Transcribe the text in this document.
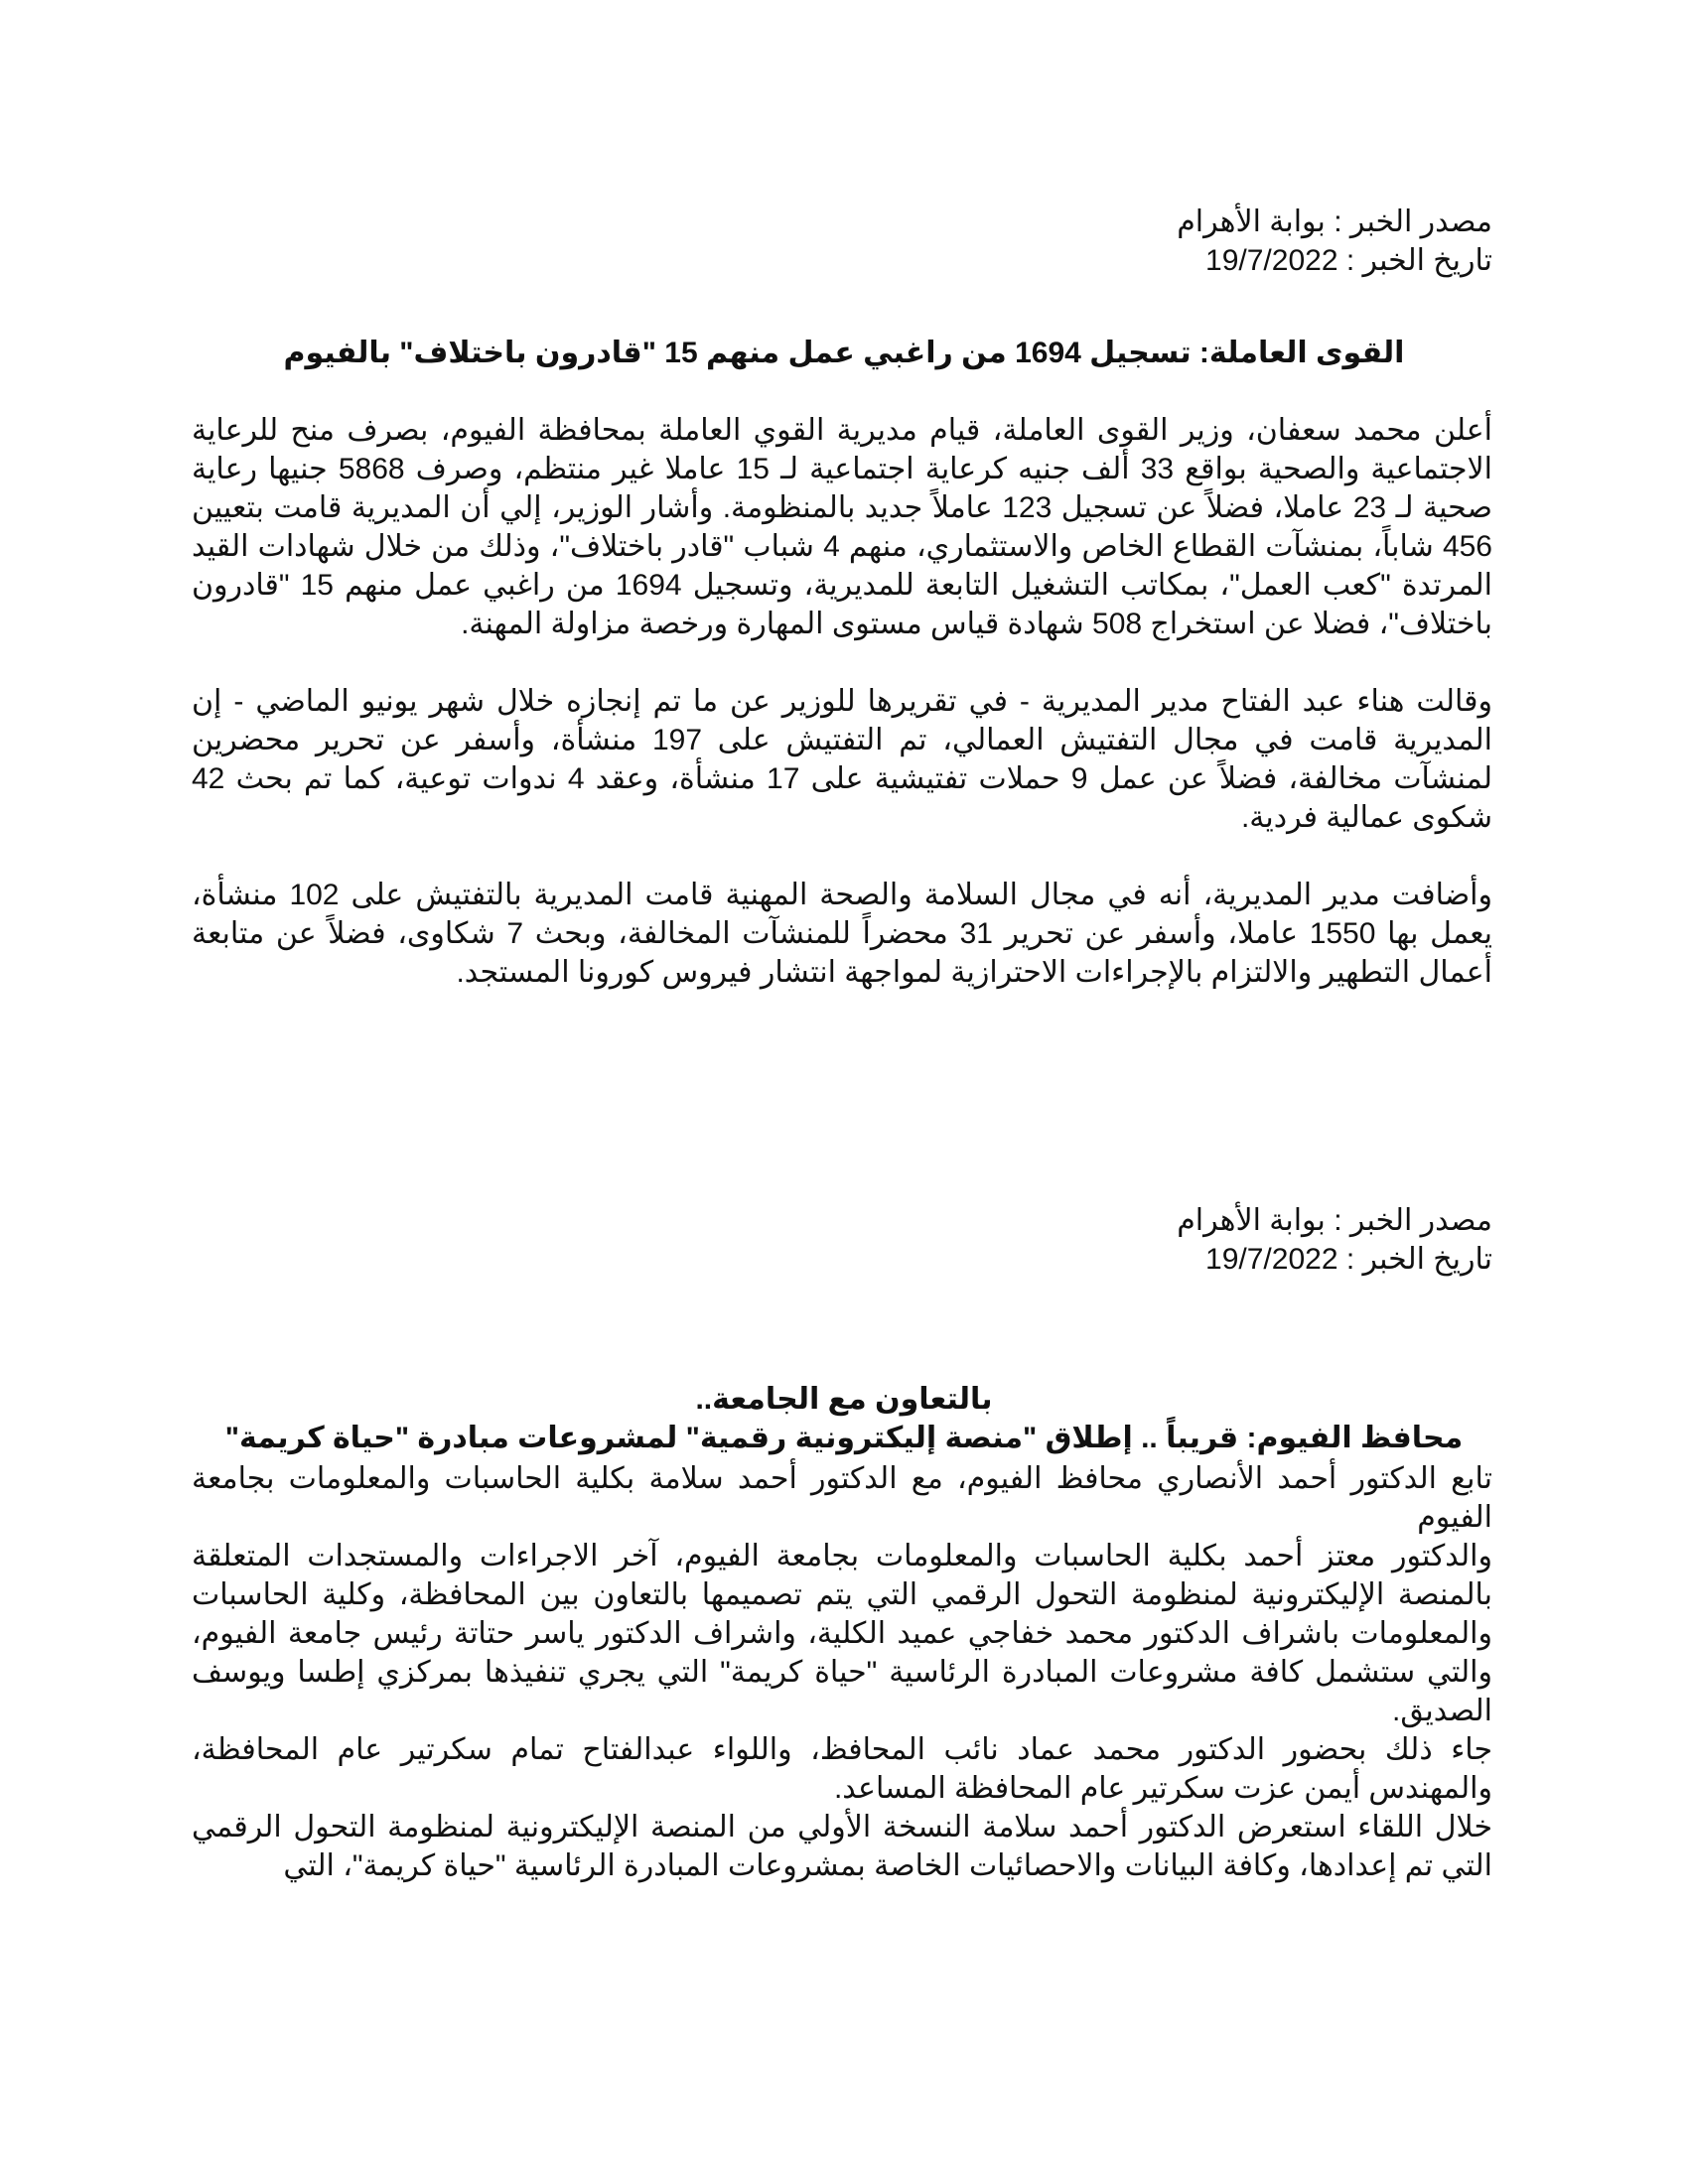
مصدر الخبر : بوابة الأهرام
تاريخ الخبر : 19/7/2022
القوى العاملة: تسجيل 1694 من راغبي عمل منهم 15 "قادرون باختلاف" بالفيوم

أعلن محمد سعفان، وزير القوى العاملة، قيام مديرية القوي العاملة بمحافظة الفيوم، بصرف منح للرعاية الاجتماعية والصحية بواقع 33 ألف جنيه كرعاية اجتماعية لـ 15 عاملا غير منتظم، وصرف 5868 جنيها رعاية صحية لـ 23 عاملا، فضلاً عن تسجيل 123 عاملاً جديد بالمنظومة. وأشار الوزير، إلي أن المديرية قامت بتعيين 456 شاباً، بمنشآت القطاع الخاص والاستثماري، منهم 4 شباب "قادر باختلاف"، وذلك من خلال شهادات القيد المرتدة "كعب العمل"، بمكاتب التشغيل التابعة للمديرية، وتسجيل 1694 من راغبي عمل منهم 15 "قادرون باختلاف"، فضلا عن استخراج 508 شهادة قياس مستوى المهارة ورخصة مزاولة المهنة.

وقالت هناء عبد الفتاح مدير المديرية - في تقريرها للوزير عن ما تم إنجازه خلال شهر يونيو الماضي - إن المديرية قامت في مجال التفتيش العمالي، تم التفتيش على 197 منشأة، وأسفر عن تحرير محضرين لمنشآت مخالفة، فضلاً عن عمل 9 حملات تفتيشية على 17 منشأة، وعقد 4 ندوات توعية، كما تم بحث 42 شكوى عمالية فردية.

وأضافت مدير المديرية، أنه في مجال السلامة والصحة المهنية قامت المديرية بالتفتيش على 102 منشأة، يعمل بها 1550 عاملا، وأسفر عن تحرير 31 محضراً للمنشآت المخالفة، وبحث 7 شكاوى، فضلاً عن متابعة أعمال التطهير والالتزام بالإجراءات الاحترازية لمواجهة انتشار فيروس كورونا المستجد.

مصدر الخبر : بوابة الأهرام
تاريخ الخبر : 19/7/2022
بالتعاون مع الجامعة..
محافظ الفيوم: قريباً .. إطلاق "منصة إليكترونية رقمية" لمشروعات مبادرة "حياة كريمة"

تابع الدكتور أحمد الأنصاري محافظ الفيوم، مع الدكتور أحمد سلامة بكلية الحاسبات والمعلومات بجامعة الفيوم

والدكتور معتز أحمد بكلية الحاسبات والمعلومات بجامعة الفيوم، آخر الاجراءات والمستجدات المتعلقة بالمنصة الإليكترونية لمنظومة التحول الرقمي التي يتم تصميمها بالتعاون بين المحافظة، وكلية الحاسبات والمعلومات باشراف الدكتور محمد خفاجي عميد الكلية، واشراف الدكتور ياسر حتاتة رئيس جامعة الفيوم، والتي ستشمل كافة مشروعات المبادرة الرئاسية "حياة كريمة" التي يجري تنفيذها بمركزي إطسا ويوسف الصديق.

جاء ذلك بحضور الدكتور محمد عماد نائب المحافظ، واللواء عبدالفتاح تمام سكرتير عام المحافظة، والمهندس أيمن عزت سكرتير عام المحافظة المساعد.

خلال اللقاء استعرض الدكتور أحمد سلامة النسخة الأولي من المنصة الإليكترونية لمنظومة التحول الرقمي التي تم إعدادها، وكافة البيانات والاحصائيات الخاصة بمشروعات المبادرة الرئاسية "حياة كريمة"، التي
